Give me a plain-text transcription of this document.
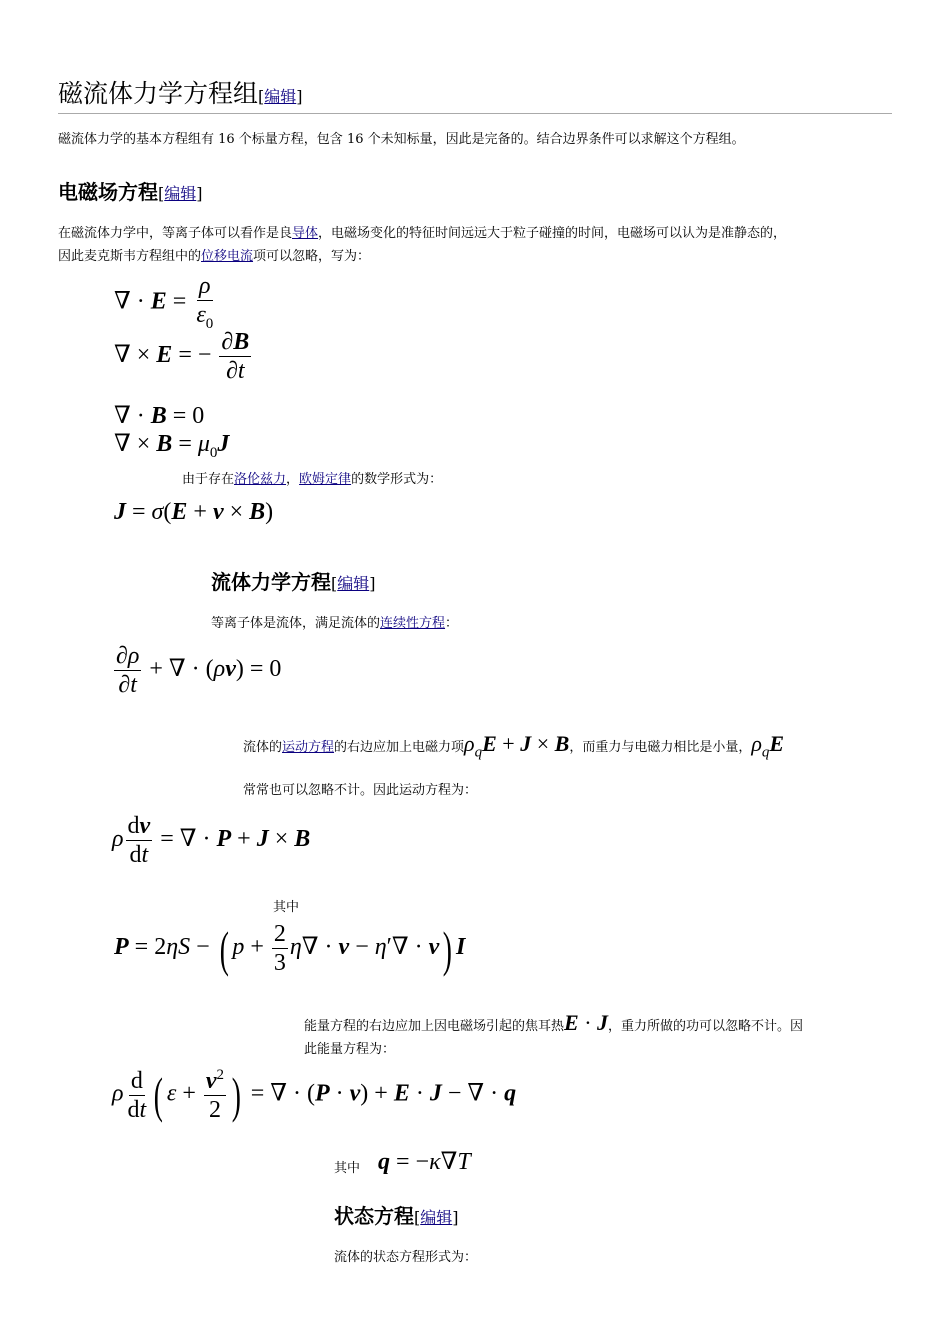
磁流体力学方程组[编辑]
磁流体力学的基本方程组有 16 个标量方程，包含 16 个未知标量，因此是完备的。结合边界条件可以求解这个方程组。
电磁场方程[编辑]
在磁流体力学中，等离子体可以看作是良导体，电磁场变化的特征时间远远大于粒子碰撞的时间，电磁场可以认为是准静态的，
因此麦克斯韦方程组中的位移电流项可以忽略，写为：
∇ · $E = \frac{\rho}{\varepsilon_0}$
∇ × E = − $\frac{\partial B}{\partial t}$
∇ · B = 0
∇ × $B = \mu_0J$
由于存在洛伦兹力，欧姆定律的数学形式为：
J = σ(E + v × B)
流体力学方程[编辑]
等离子体是流体，满足流体的连续性方程：
$\frac{\partial\rho}{\partial t}$ + ∇ · (ρv) = 0
流体的运动方程的右边应加上电磁力项$\rho_qE + J \times B$，而重力与电磁力相比是小量，$\rho_qE$
常常也可以忽略不计。因此运动方程为：
ρ $\frac{dv}{dt}$ = ∇ · P + J × B
其中
P = 2ηS − ( $p + \frac{2}{3} \eta\nabla \cdot v - \eta'\nabla \cdot v$) I
能量方程的右边应加上因电磁场引起的焦耳热E · J，重力所做的功可以忽略不计。因
此能量方程为：
ρ $\frac{d}{dt}$ ( $\varepsilon + \frac{v^2}{2}$ ) = ∇ · (P · v) + E · J − ∇ · q
其中 q = −κ∇T
状态方程[编辑]
流体的状态方程形式为：
